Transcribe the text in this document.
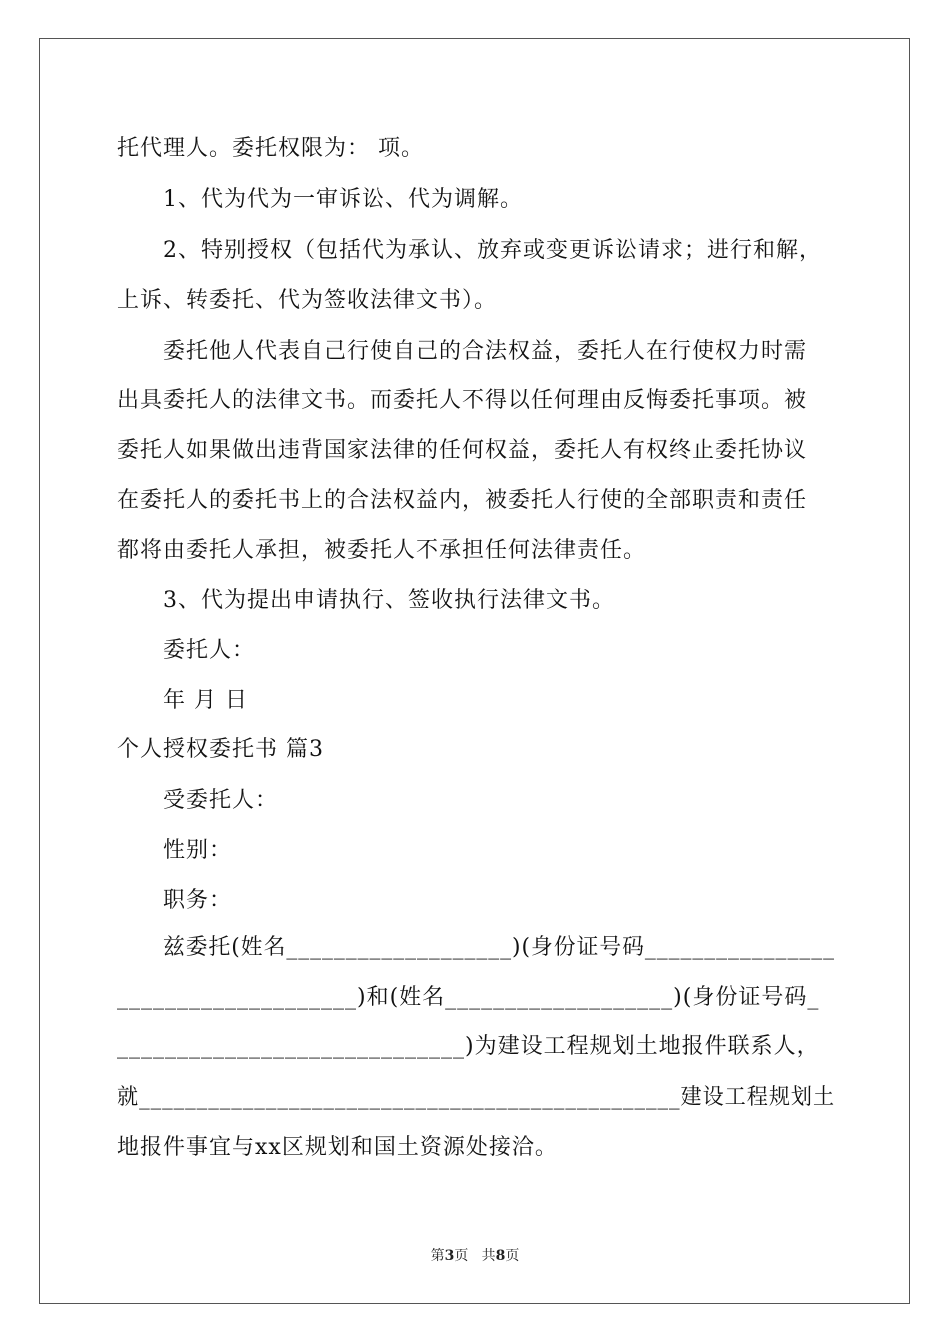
托代理人。委托权限为： 项。
1、代为代为一审诉讼、代为调解。
2、特别授权（包括代为承认、放弃或变更诉讼请求；进行和解，
上诉、转委托、代为签收法律文书）。
委托他人代表自己行使自己的合法权益，委托人在行使权力时需
出具委托人的法律文书。而委托人不得以任何理由反悔委托事项。被
委托人如果做出违背国家法律的任何权益，委托人有权终止委托协议
在委托人的委托书上的合法权益内，被委托人行使的全部职责和责任
都将由委托人承担，被委托人不承担任何法律责任。
3、代为提出申请执行、签收执行法律文书。
委托人：
年 月 日
个人授权委托书 篇3
受委托人：
性别：
职务：
兹委托(姓名___________________)(身份证号码________________
____________________)和(姓名___________________)(身份证号码_
_____________________________)为建设工程规划土地报件联系人，
就_______________________________________________建设工程规划土
地报件事宜与xx区规划和国土资源处接洽。
第3页   共8页
